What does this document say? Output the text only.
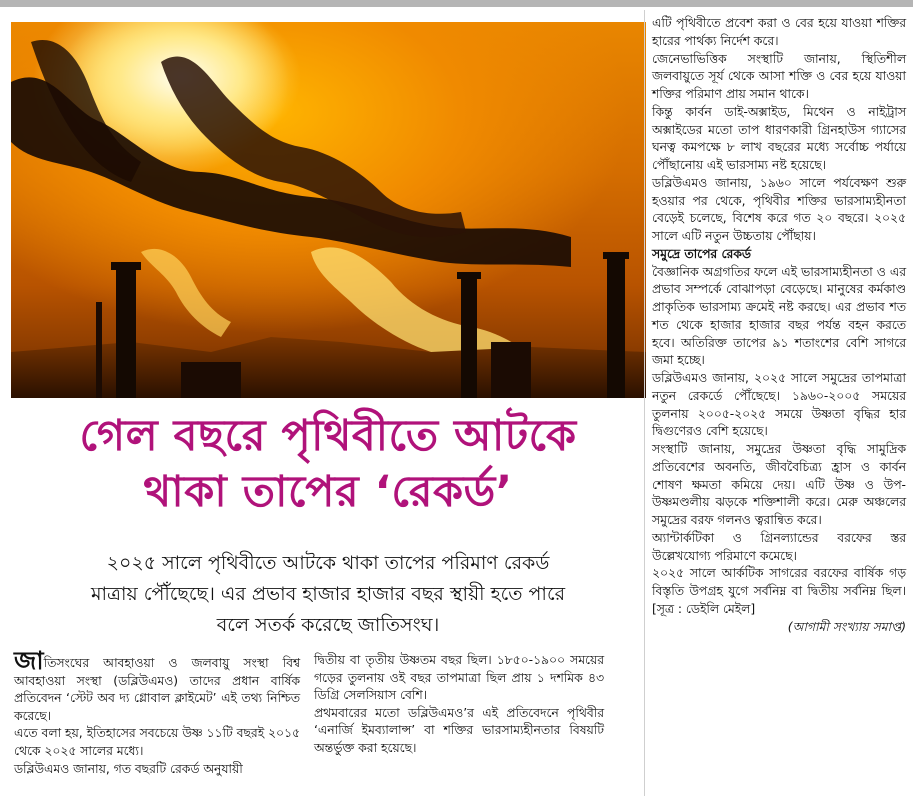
গেল বছরে পৃথিবীতে আটকে
থাকা তাপের ‘রেকর্ড’
২০২৫ সালে পৃথিবীতে আটকে থাকা তাপের পরিমাণ রেকর্ড
মাত্রায় পৌঁছেছে। এর প্রভাব হাজার হাজার বছর স্থায়ী হতে পারে
বলে সতর্ক করেছে জাতিসংঘ।

জাতিসংঘের আবহাওয়া ও জলবায়ু সংস্থা বিশ্ব আবহাওয়া সংস্থা (ডব্লিউএমও) তাদের প্রধান বার্ষিক প্রতিবেদন ‘স্টেট অব দ্য গ্লোবাল ক্লাইমেট’ এই তথ্য নিশ্চিত করেছে।

এতে বলা হয়, ইতিহাসের সবচেয়ে উষ্ণ ১১টি বছরই ২০১৫ থেকে ২০২৫ সালের মধ্যে।

ডব্লিউএমও জানায়, গত বছরটি রেকর্ড অনুযায়ী

দ্বিতীয় বা তৃতীয় উষ্ণতম বছর ছিল। ১৮৫০-১৯০০ সময়ের গড়ের তুলনায় ওই বছর তাপমাত্রা ছিল প্রায় ১ দশমিক ৪৩ ডিগ্রি সেলসিয়াস বেশি।

প্রথমবারের মতো ডব্লিউএমও’র এই প্রতিবেদনে পৃথিবীর ‘এনার্জি ইমব্যালান্স’ বা শক্তির ভারসাম্যহীনতার বিষয়টি অন্তর্ভুক্ত করা হয়েছে।

এটি পৃথিবীতে প্রবেশ করা ও বের হয়ে যাওয়া শক্তির হারের পার্থক্য নির্দেশ করে।

জেনেভাভিত্তিক সংস্থাটি জানায়, স্থিতিশীল জলবায়ুতে সূর্য থেকে আসা শক্তি ও বের হয়ে যাওয়া শক্তির পরিমাণ প্রায় সমান থাকে।

কিন্তু কার্বন ডাই-অক্সাইড, মিথেন ও নাইট্রাস অক্সাইডের মতো তাপ ধারণকারী গ্রিনহাউস গ্যাসের ঘনত্ব কমপক্ষে ৮ লাখ বছরের মধ্যে সর্বোচ্চ পর্যায়ে পৌঁছানোয় এই ভারসাম্য নষ্ট হয়েছে।

ডব্লিউএমও জানায়, ১৯৬০ সালে পর্যবেক্ষণ শুরু হওয়ার পর থেকে, পৃথিবীর শক্তির ভারসাম্যহীনতা বেড়েই চলেছে, বিশেষ করে গত ২০ বছরে। ২০২৫ সালে এটি নতুন উচ্চতায় পৌঁছায়।

সমুদ্রে তাপের রেকর্ড

বৈজ্ঞানিক অগ্রগতির ফলে এই ভারসাম্যহীনতা ও এর প্রভাব সম্পর্কে বোঝাপড়া বেড়েছে। মানুষের কর্মকাণ্ড প্রাকৃতিক ভারসাম্য ক্রমেই নষ্ট করছে। এর প্রভাব শত শত থেকে হাজার হাজার বছর পর্যন্ত বহন করতে হবে। অতিরিক্ত তাপের ৯১ শতাংশের বেশি সাগরে জমা হচ্ছে।

ডব্লিউএমও জানায়, ২০২৫ সালে সমুদ্রের তাপমাত্রা নতুন রেকর্ডে পৌঁছেছে। ১৯৬০-২০০৫ সময়ের তুলনায় ২০০৫-২০২৫ সময়ে উষ্ণতা বৃদ্ধির হার দ্বিগুণেরও বেশি হয়েছে।

সংস্থাটি জানায়, সমুদ্রের উষ্ণতা বৃদ্ধি সামুদ্রিক প্রতিবেশের অবনতি, জীববৈচিত্র্য হ্রাস ও কার্বন শোষণ ক্ষমতা কমিয়ে দেয়। এটি উষ্ণ ও উপ-উষ্ণমণ্ডলীয় ঝড়কে শক্তিশালী করে। মেরু অঞ্চলের সমুদ্রের বরফ গলনও ত্বরান্বিত করে।

অ্যান্টার্কটিকা ও গ্রিনল্যান্ডের বরফের স্তর উল্লেখযোগ্য পরিমাণে কমেছে।

২০২৫ সালে আর্কটিক সাগরের বরফের বার্ষিক গড় বিস্তৃতি উপগ্রহ যুগে সর্বনিম্ন বা দ্বিতীয় সর্বনিম্ন ছিল। [সূত্র : ডেইলি মেইল]

(আগামী সংখ্যায় সমাপ্ত)
